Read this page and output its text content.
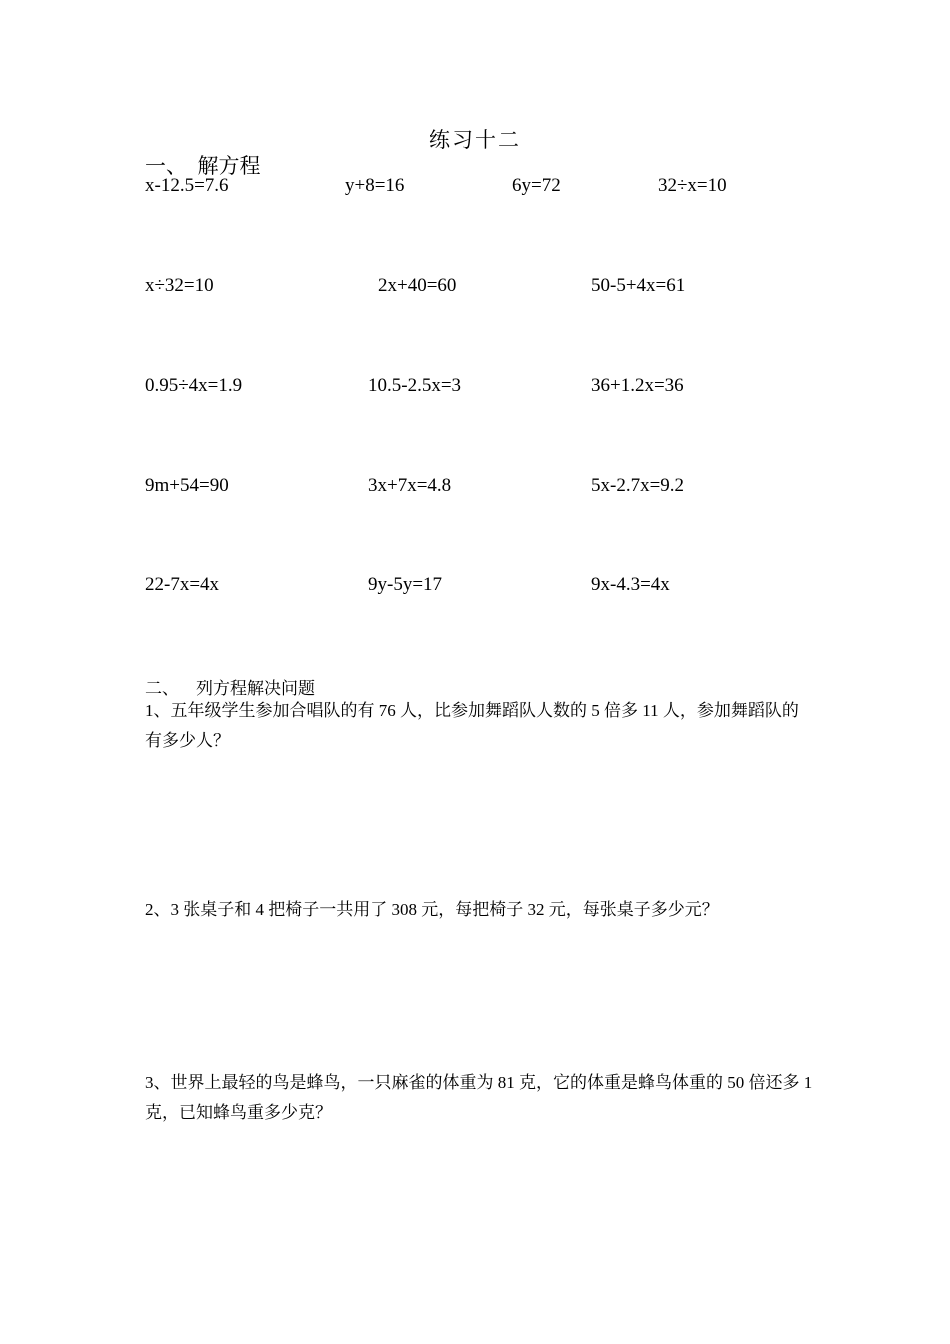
练习十二
一、  解方程
x-12.5=7.6	y+8=16	6y=72	32÷x=10
x÷32=10	2x+40=60	50-5+4x=61
0.95÷4x=1.9	10.5-2.5x=3	36+1.2x=36
9m+54=90	3x+7x=4.8	5x-2.7x=9.2
22-7x=4x	9y-5y=17	9x-4.3=4x
二、    列方程解决问题
1、五年级学生参加合唱队的有 76 人，比参加舞蹈队人数的 5 倍多 11 人，参加舞蹈队的有多少人？
2、3 张桌子和 4 把椅子一共用了 308 元，每把椅子 32 元，每张桌子多少元？
3、世界上最轻的鸟是蜂鸟，一只麻雀的体重为 81 克，它的体重是蜂鸟体重的 50 倍还多 1 克，已知蜂鸟重多少克？
